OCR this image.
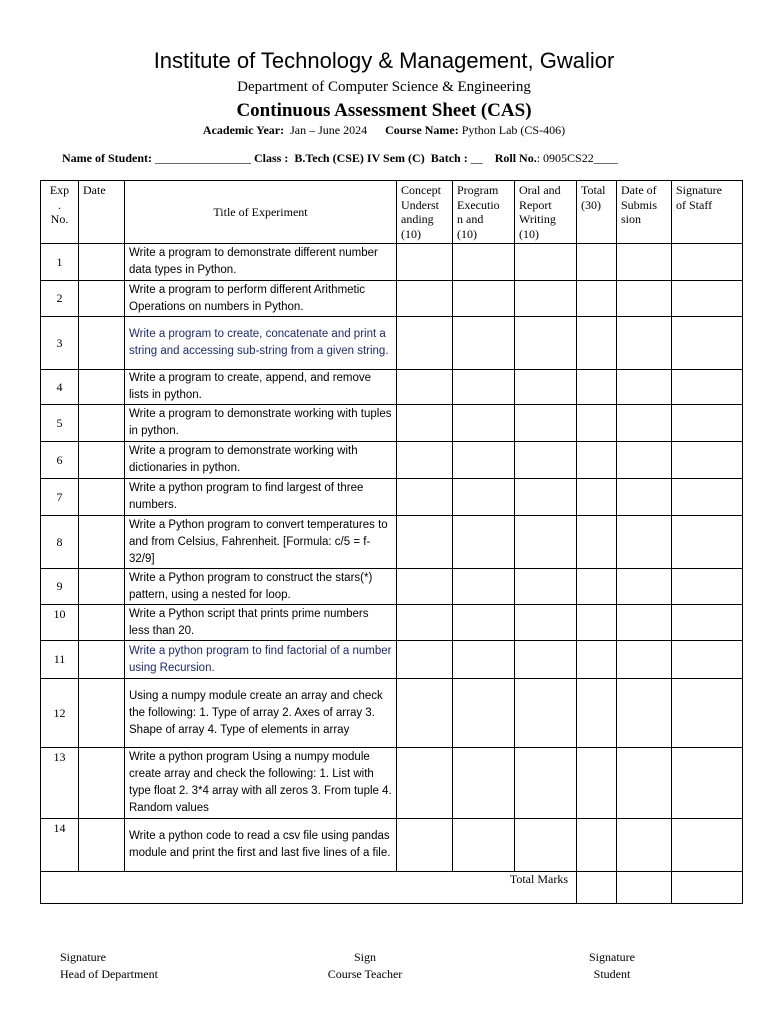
Institute of Technology & Management, Gwalior
Department of Computer Science & Engineering
Continuous Assessment Sheet (CAS)
Academic Year: Jan – June 2024 Course Name: Python Lab (CS-406)
Name of Student: ________________ Class : B.Tech (CSE) IV Sem (C) Batch : __ Roll No.: 0905CS22____
Exp
.
No.	Date	Title of Experiment	Concept
Underst
anding
(10)	Program
Executio
n and
(10)	Oral and
Report
Writing
(10)	Total
(30)	Date of
Submis
sion	Signature
of Staff
1		Write a program to demonstrate different number data types in Python.						
2		Write a program to perform different Arithmetic Operations on numbers in Python.						
3		Write a program to create, concatenate and print a string and accessing sub-string from a given string.						
4		Write a program to create, append, and remove lists in python.						
5		Write a program to demonstrate working with tuples in python.						
6		Write a program to demonstrate working with dictionaries in python.						
7		Write a python program to find largest of three numbers.						
8		Write a Python program to convert temperatures to and from Celsius, Fahrenheit. [Formula: c/5 = f-32/9]						
9		Write a Python program to construct the stars(*) pattern, using a nested for loop.						
10		Write a Python script that prints prime numbers less than 20.						
11		Write a python program to find factorial of a number using Recursion.						
12		Using a numpy module create an array and check the following: 1. Type of array 2. Axes of array 3. Shape of array 4. Type of elements in array						
13		Write a python program Using a numpy module create array and check the following: 1. List with type float 2. 3*4 array with all zeros 3. From tuple 4. Random values						
14		Write a python code to read a csv file using pandas module and print the first and last five lines of a file.						
Total Marks								
Signature
Head of Department
Sign
Course Teacher
Signature
Student
